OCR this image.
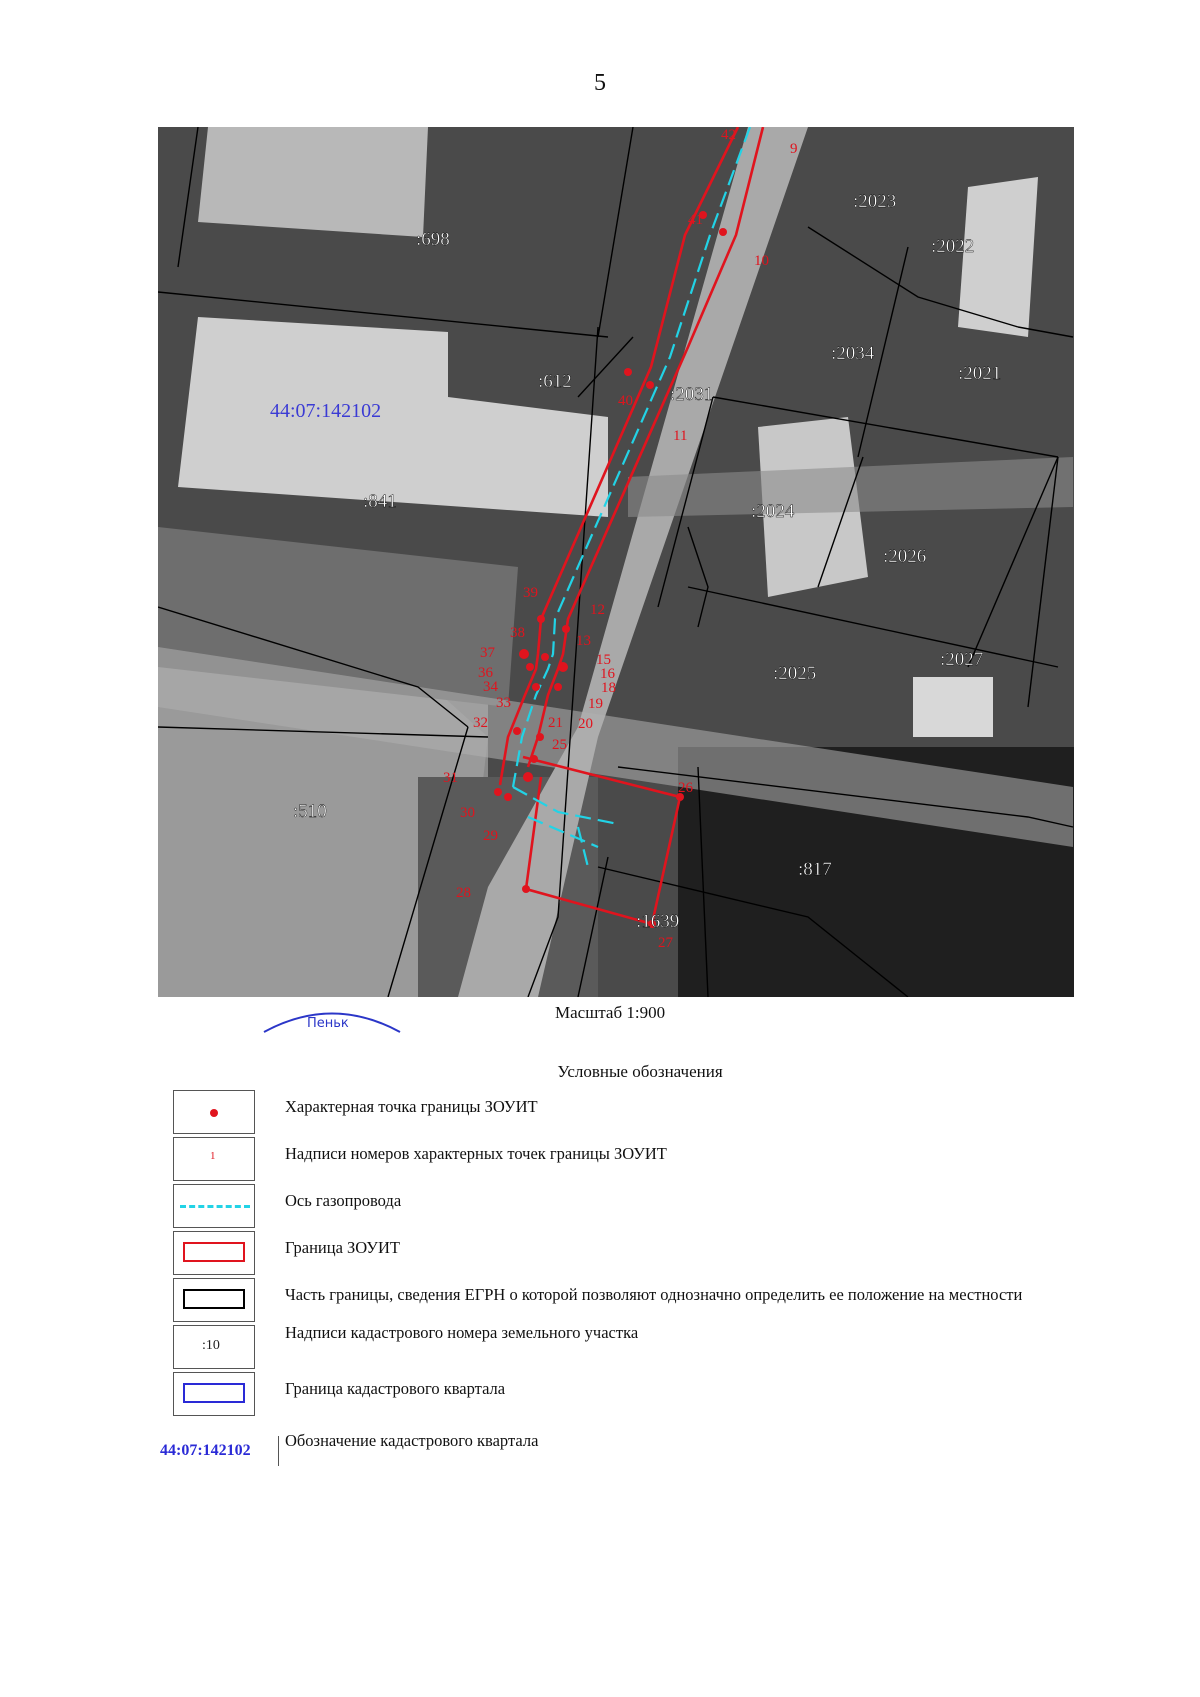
5
42
9
41
10
40
11
39
12
38	13
37	15
36	16
34	18
33	19
32	21 20
25
31
26
30
29
28
27
:698
:612
:841
:510
:2023
:2022
:2034
:2021
:2031
:2024
:2026
:2027
:2025
:817
:1639
44:07:142102
Пеньк
Масштаб 1:900
Условные обозначения
Характерная точка границы ЗОУИТ
1	Надписи номеров характерных точек границы ЗОУИТ
Ось газопровода
Граница ЗОУИТ
Часть границы, сведения ЕГРН о которой позволяют однозначно определить ее положение на местности
:10
Надписи кадастрового номера земельного участка
Граница кадастрового квартала
44:07:142102
Обозначение кадастрового квартала
